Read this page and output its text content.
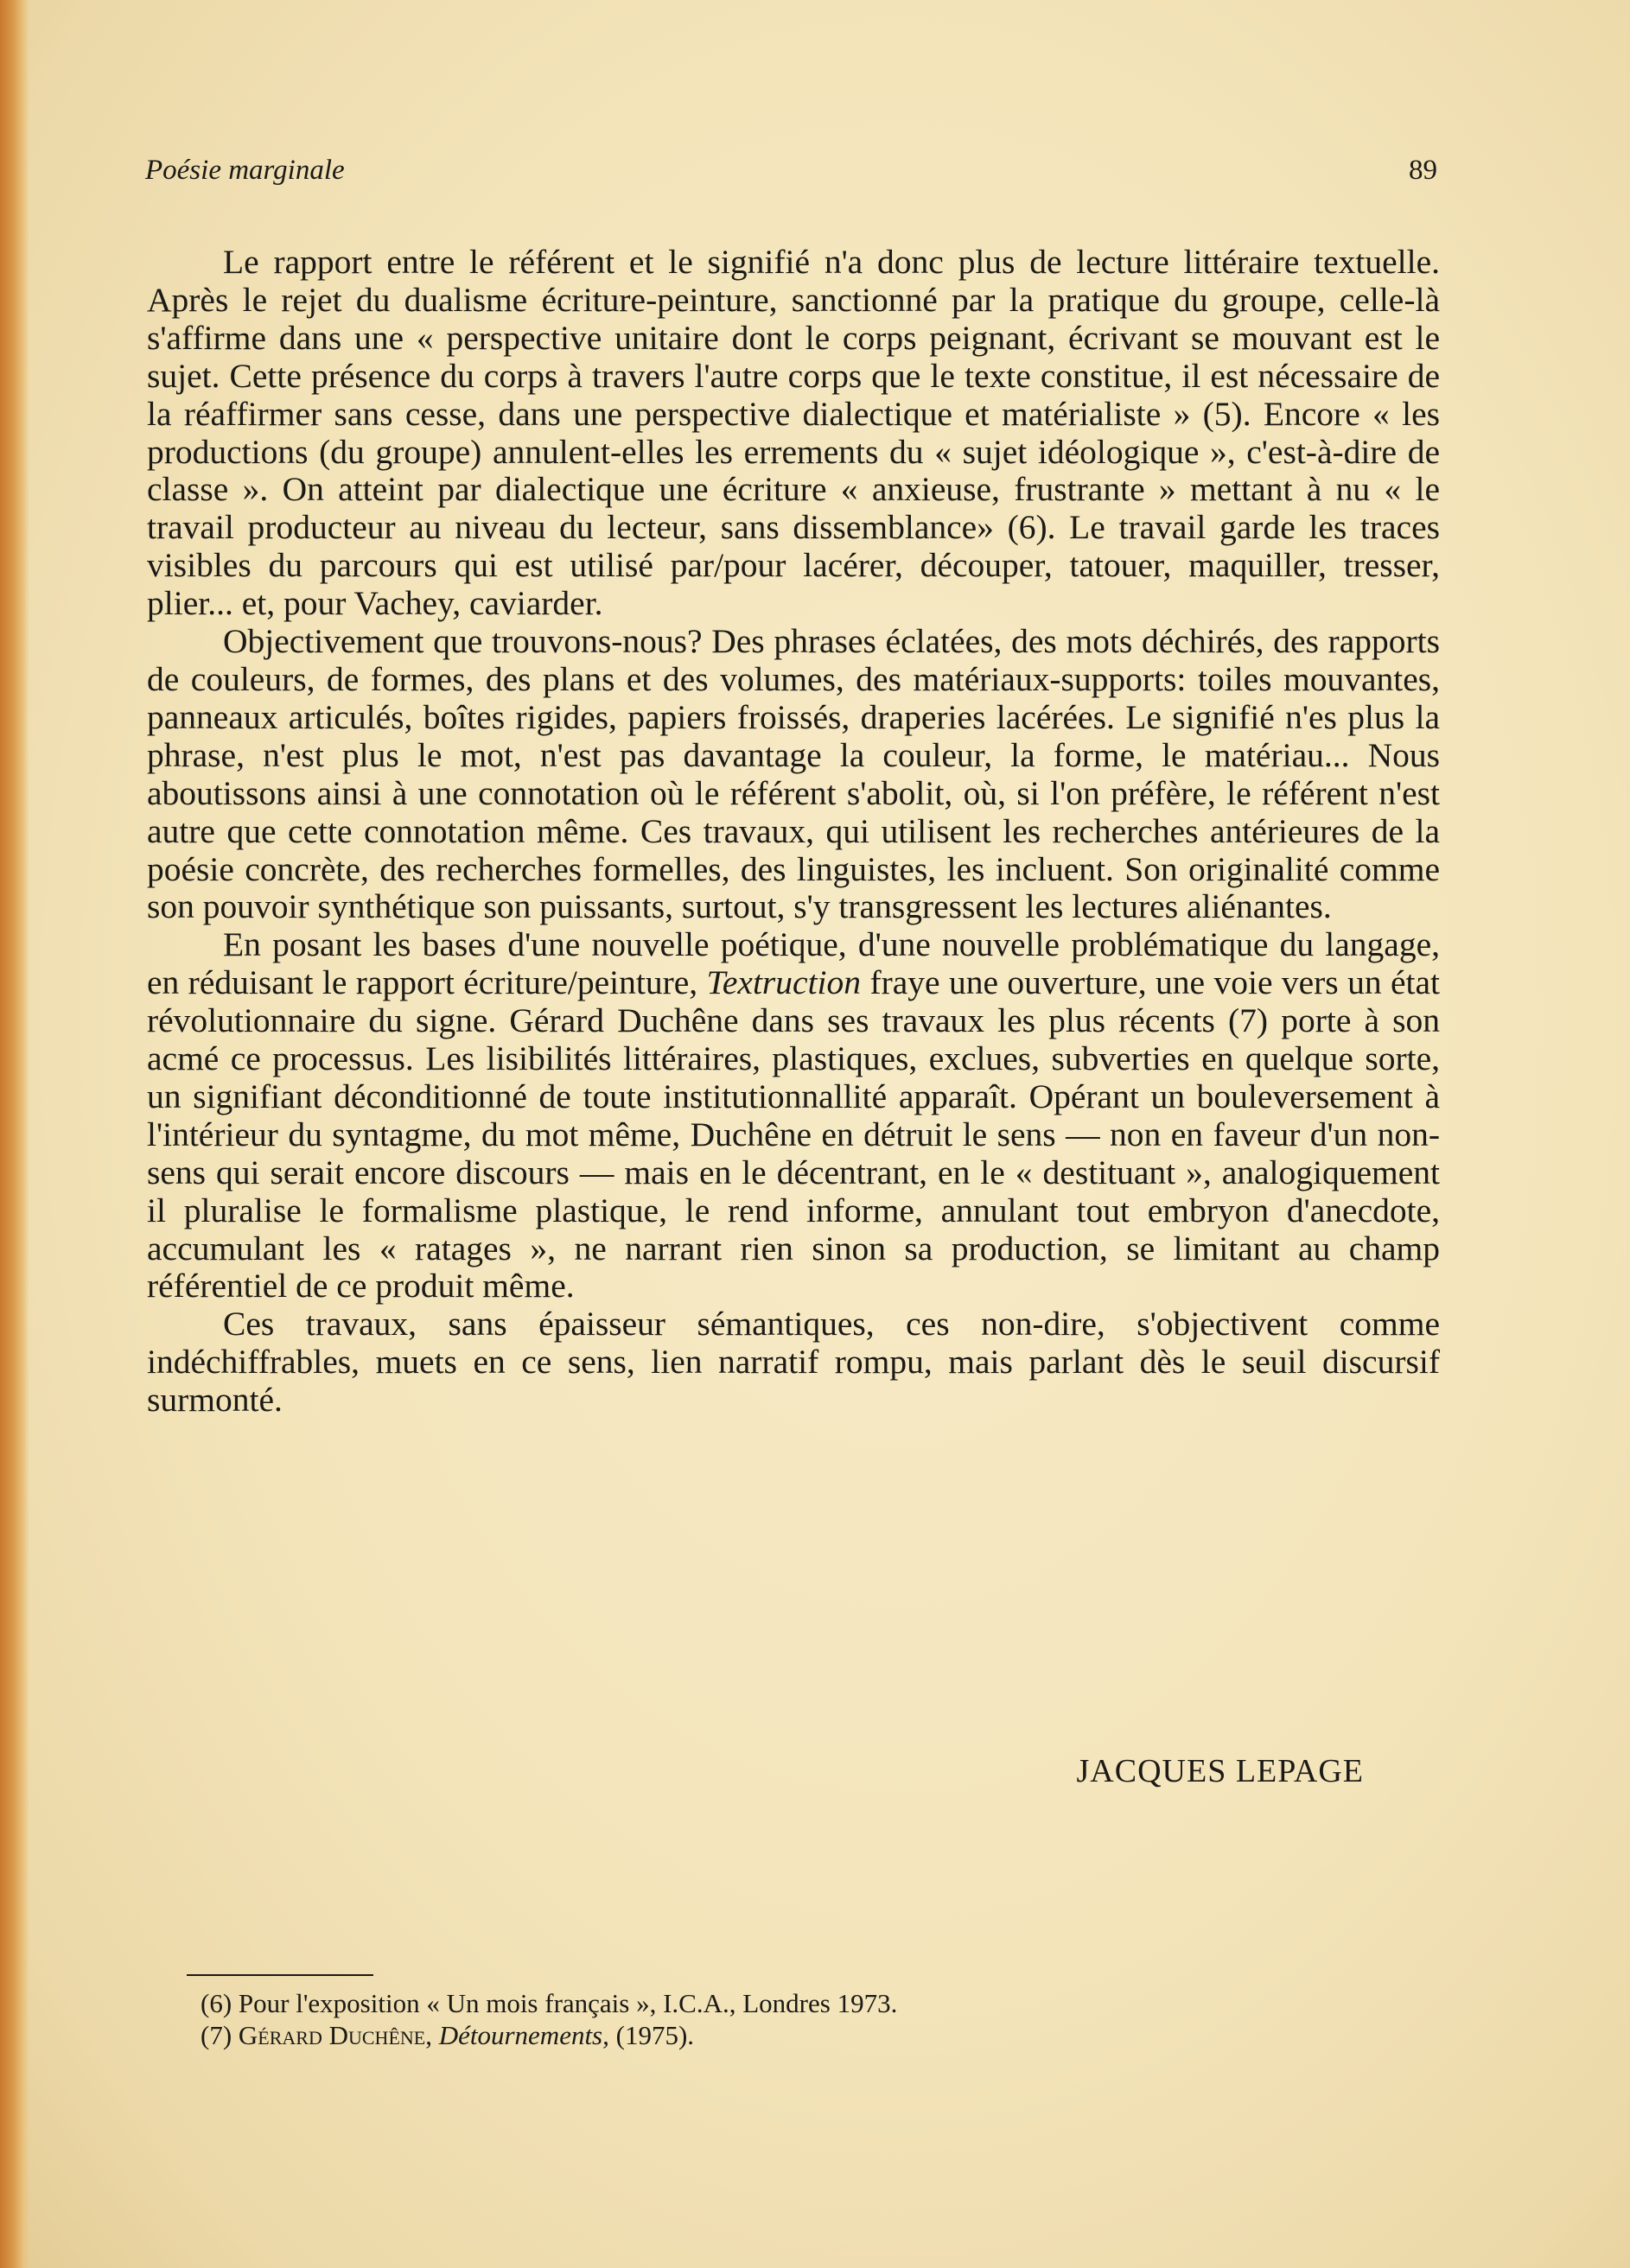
Poésie marginale	89

Le rapport entre le référent et le signifié n'a donc plus de lecture littéraire textuelle. Après le rejet du dualisme écriture-peinture, sanctionné par la pratique du groupe, celle-là s'affirme dans une « perspective unitaire dont le corps peignant, écrivant se mouvant est le sujet. Cette présence du corps à travers l'autre corps que le texte constitue, il est nécessaire de la réaffirmer sans cesse, dans une perspective dialectique et matérialiste » (5). Encore « les productions (du groupe) annulent-elles les errements du « sujet idéologique », c'est-à-dire de classe ». On atteint par dialectique une écriture « anxieuse, frustrante » mettant à nu « le travail producteur au niveau du lecteur, sans dissemblance» (6). Le travail garde les traces visibles du parcours qui est utilisé par/pour lacérer, découper, tatouer, maquiller, tresser, plier... et, pour Vachey, caviarder.

Objectivement que trouvons-nous? Des phrases éclatées, des mots déchirés, des rapports de couleurs, de formes, des plans et des volumes, des matériaux-supports: toiles mouvantes, panneaux articulés, boîtes rigides, papiers froissés, draperies lacérées. Le signifié n'es plus la phrase, n'est plus le mot, n'est pas davantage la couleur, la forme, le matériau... Nous aboutissons ainsi à une connotation où le référent s'abolit, où, si l'on préfère, le référent n'est autre que cette connotation même. Ces travaux, qui utilisent les recherches antérieures de la poésie concrète, des recherches formelles, des linguistes, les incluent. Son originalité comme son pouvoir synthétique son puissants, surtout, s'y transgressent les lectures aliénantes.

En posant les bases d'une nouvelle poétique, d'une nouvelle problématique du langage, en réduisant le rapport écriture/peinture, Textruction fraye une ouverture, une voie vers un état révolutionnaire du signe. Gérard Duchêne dans ses travaux les plus récents (7) porte à son acmé ce processus. Les lisibilités littéraires, plastiques, exclues, subverties en quelque sorte, un signifiant déconditionné de toute institutionnallité apparaît. Opérant un bouleversement à l'intérieur du syntagme, du mot même, Duchêne en détruit le sens — non en faveur d'un non-sens qui serait encore discours — mais en le décentrant, en le « destituant », analogiquement il pluralise le formalisme plastique, le rend informe, annulant tout embryon d'anecdote, accumulant les « ratages », ne narrant rien sinon sa production, se limitant au champ référentiel de ce produit même.

Ces travaux, sans épaisseur sémantiques, ces non-dire, s'objectivent comme indéchiffrables, muets en ce sens, lien narratif rompu, mais parlant dès le seuil discursif surmonté.

JACQUES LEPAGE

(6) Pour l'exposition « Un mois français », I.C.A., Londres 1973.

(7) Gérard Duchêne, Détournements, (1975).
